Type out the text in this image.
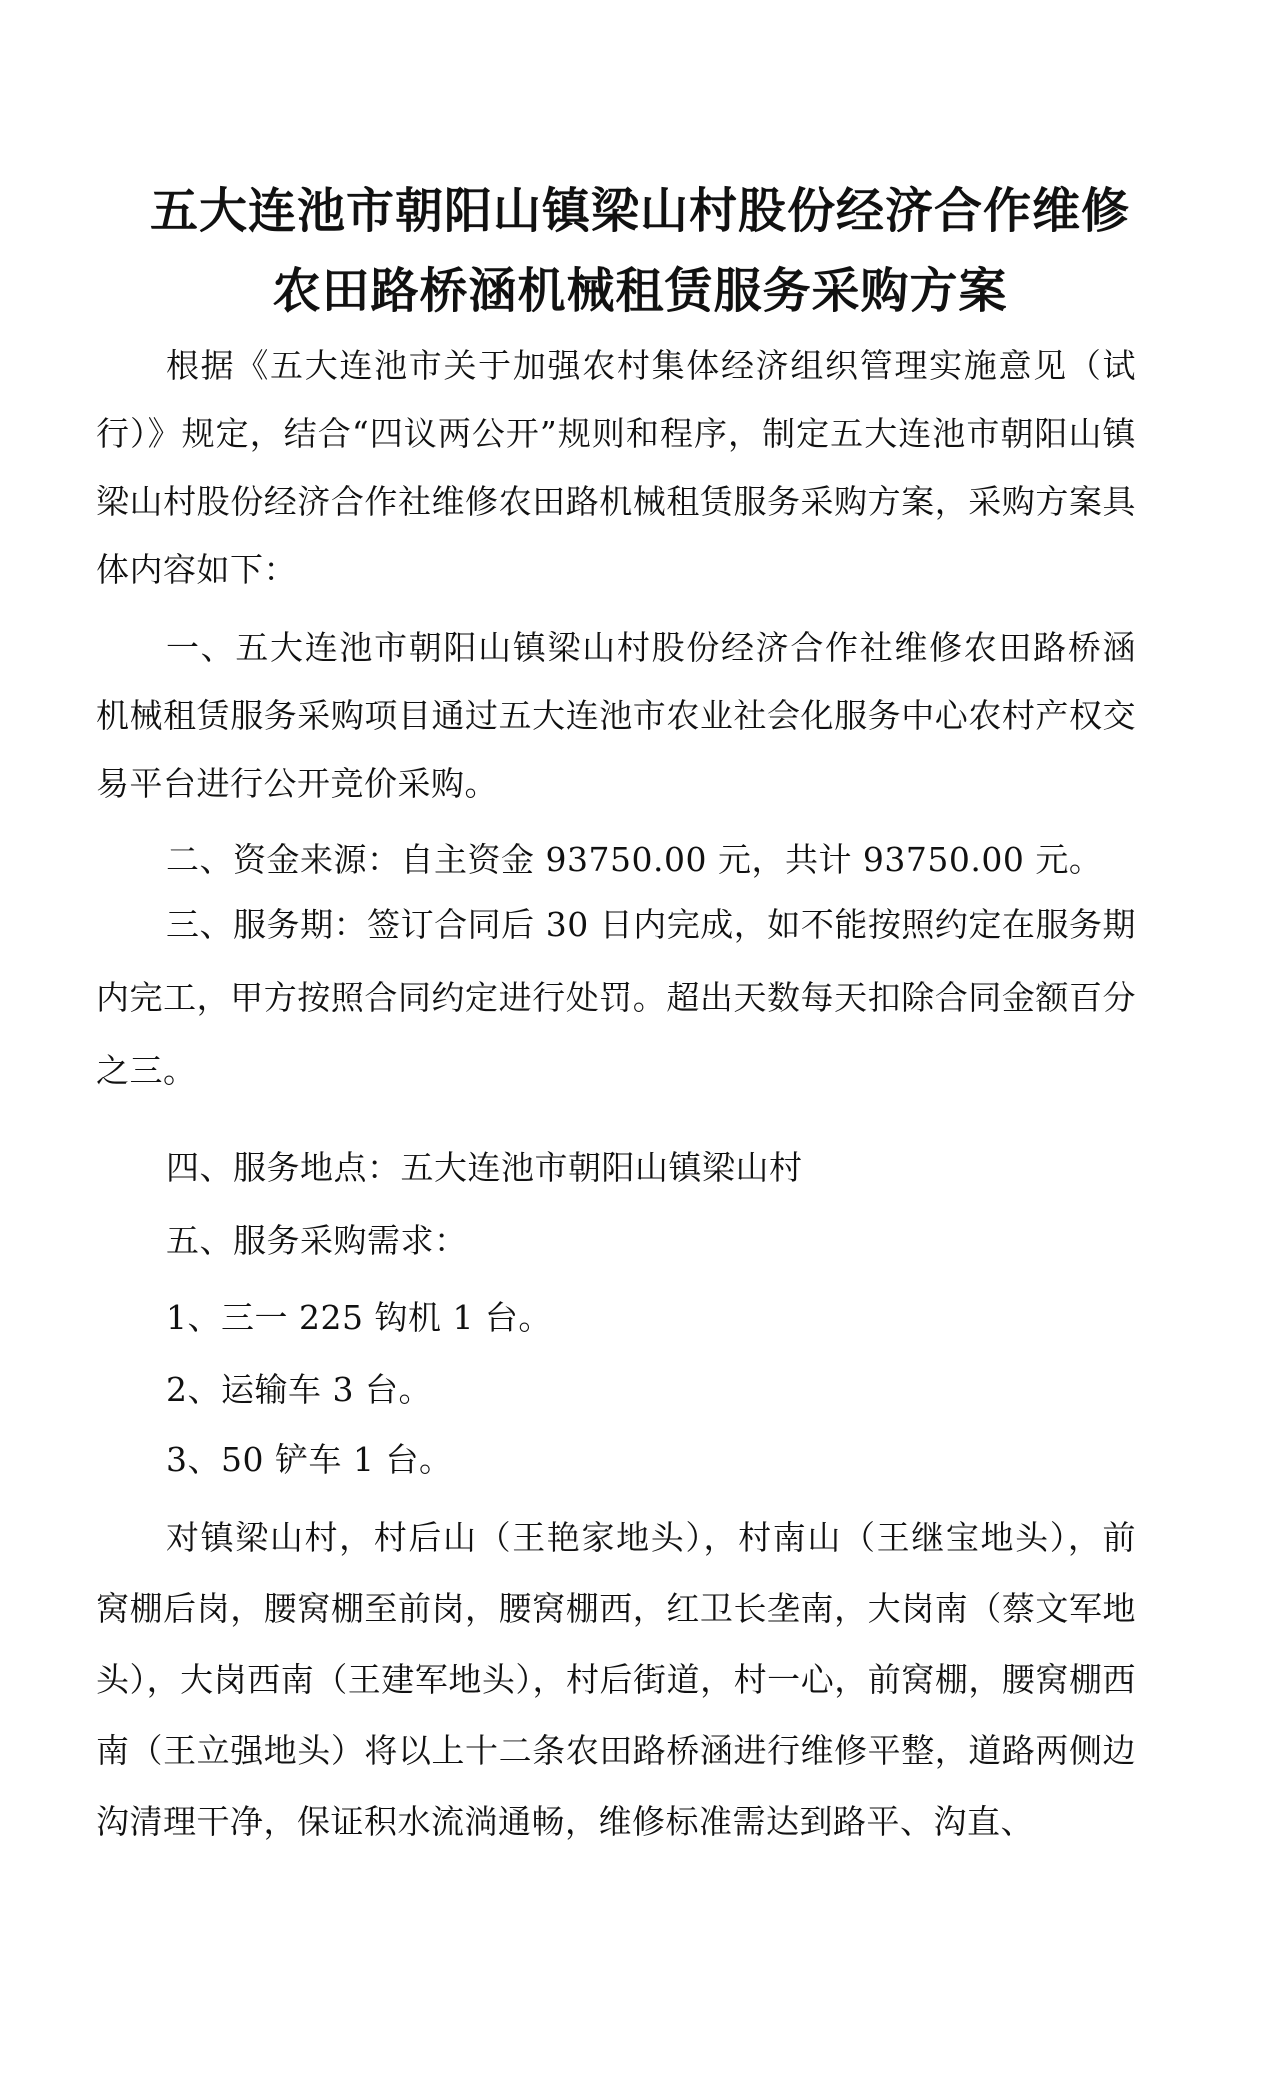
五大连池市朝阳山镇梁山村股份经济合作维修
农田路桥涵机械租赁服务采购方案

根据《五大连池市关于加强农村集体经济组织管理实施意见（试行）》规定，结合“四议两公开”规则和程序，制定五大连池市朝阳山镇梁山村股份经济合作社维修农田路机械租赁服务采购方案，采购方案具体内容如下：

一、五大连池市朝阳山镇梁山村股份经济合作社维修农田路桥涵机械租赁服务采购项目通过五大连池市农业社会化服务中心农村产权交易平台进行公开竞价采购。

二、资金来源：自主资金 93750.00 元，共计 93750.00 元。

三、服务期：签订合同后 30 日内完成，如不能按照约定在服务期内完工，甲方按照合同约定进行处罚。超出天数每天扣除合同金额百分之三。

四、服务地点：五大连池市朝阳山镇梁山村
五、服务采购需求：
1、三一 225 钩机 1 台。
2、运输车 3 台。
3、50 铲车 1 台。

对镇梁山村，村后山（王艳家地头），村南山（王继宝地头），前窝棚后岗，腰窝棚至前岗，腰窝棚西，红卫长垄南，大岗南（蔡文军地头），大岗西南（王建军地头），村后街道，村一心，前窝棚，腰窝棚西南（王立强地头）将以上十二条农田路桥涵进行维修平整，道路两侧边沟清理干净，保证积水流淌通畅，维修标准需达到路平、沟直、
